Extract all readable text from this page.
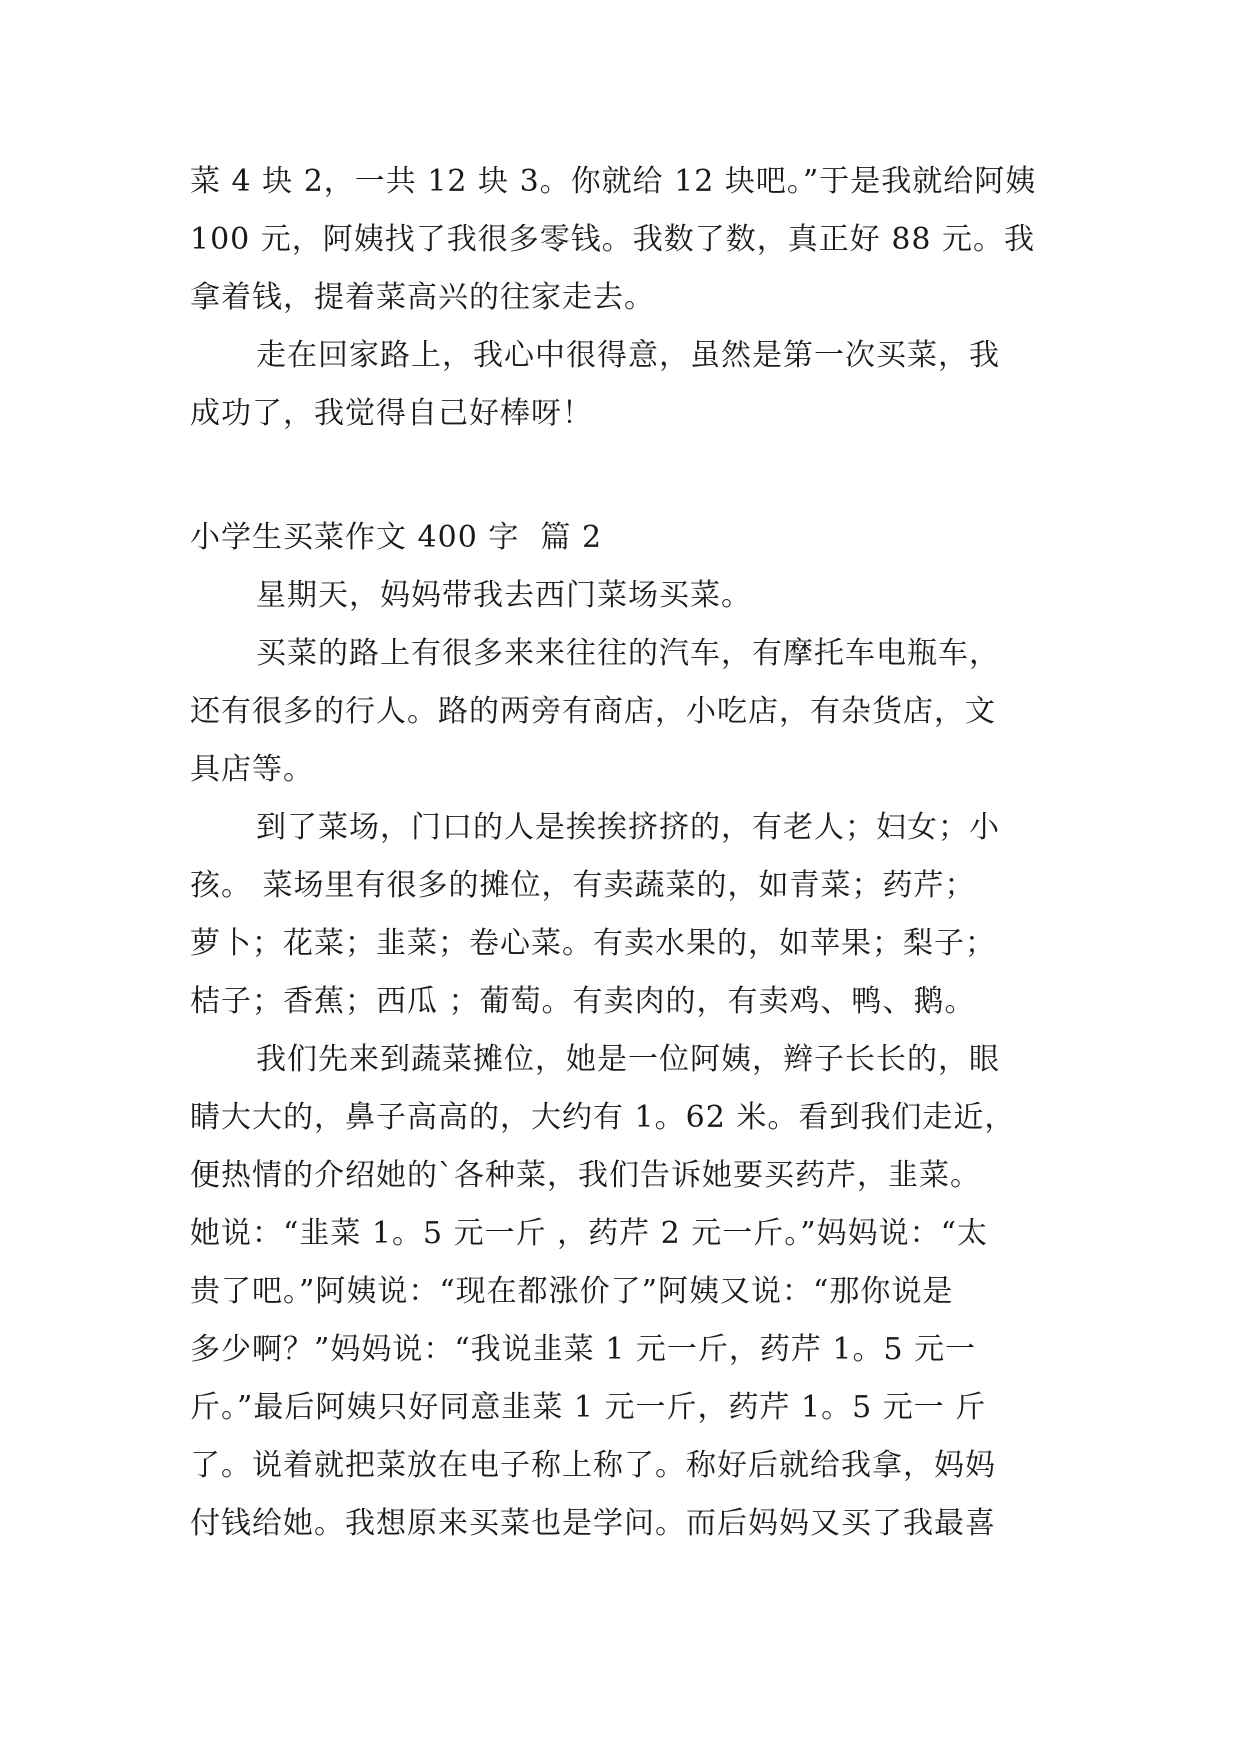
菜 4 块 2，一共 12 块 3。你就给 12 块吧。”于是我就给阿姨
100 元，阿姨找了我很多零钱。我数了数，真正好 88 元。我
拿着钱，提着菜高兴的往家走去。
走在回家路上，我心中很得意，虽然是第一次买菜，我
成功了，我觉得自己好棒呀！
小学生买菜作文 400 字  篇 2
星期天，妈妈带我去西门菜场买菜。
买菜的路上有很多来来往往的汽车，有摩托车电瓶车，
还有很多的行人。路的两旁有商店，小吃店，有杂货店，文
具店等。
到了菜场，门口的人是挨挨挤挤的，有老人；妇女；小
孩。 菜场里有很多的摊位，有卖蔬菜的，如青菜；药芹；
萝卜；花菜；韭菜；卷心菜。有卖水果的，如苹果；梨子；
桔子；香蕉；西瓜 ；葡萄。有卖肉的，有卖鸡、鸭、鹅。
我们先来到蔬菜摊位，她是一位阿姨，辫子长长的，眼
睛大大的，鼻子高高的，大约有 1。62 米。看到我们走近，
便热情的介绍她的`各种菜，我们告诉她要买药芹，韭菜。
她说：“韭菜 1。5 元一斤 ，药芹 2 元一斤。”妈妈说：“太
贵了吧。”阿姨说：“现在都涨价了”阿姨又说：“那你说是
多少啊？”妈妈说：“我说韭菜 1 元一斤，药芹 1。5 元一
斤。”最后阿姨只好同意韭菜 1 元一斤，药芹 1。5 元一 斤
了。说着就把菜放在电子称上称了。称好后就给我拿，妈妈
付钱给她。我想原来买菜也是学问。而后妈妈又买了我最喜
